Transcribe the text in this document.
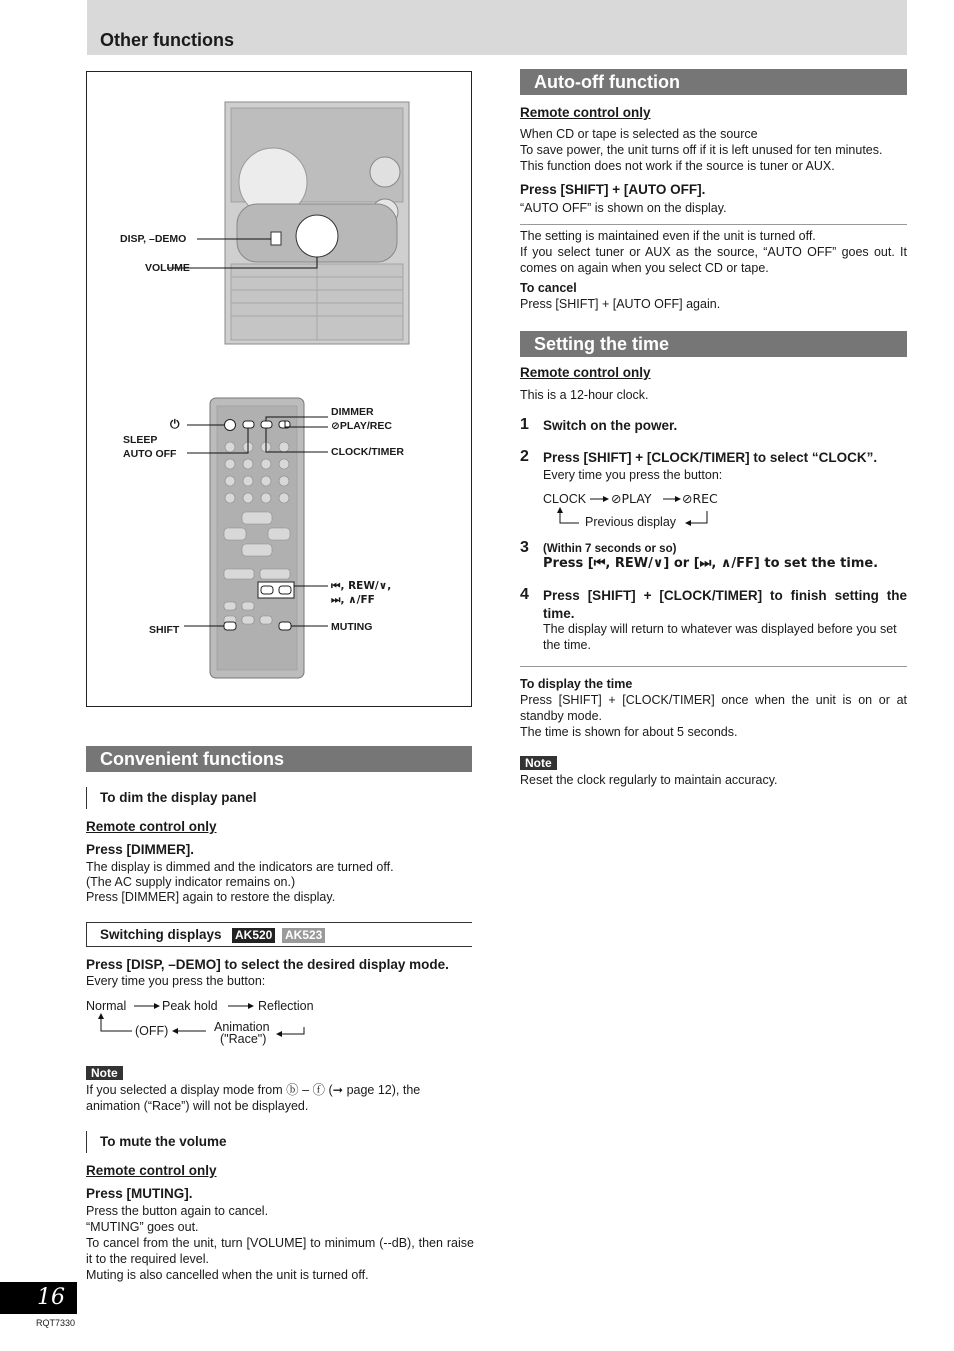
Other functions
DISP, –DEMO
VOLUME
⏻
SLEEP
AUTO OFF
DIMMER
⊘PLAY/REC
CLOCK/TIMER
⏮, REW/∨,
⏭, ∧/FF
SHIFT	MUTING
Convenient functions
To dim the display panel
Remote control only
Press [DIMMER].
The display is dimmed and the indicators are turned off.
(The AC supply indicator remains on.)
Press [DIMMER] again to restore the display.
Switching displays AK520 AK523
Press [DISP, –DEMO] to select the desired display mode.
Every time you press the button:
Normal	Peak hold	Reflection
(OFF)	Animation
("Race")
Note
If you selected a display mode from ⓑ – ⓕ (➞ page 12), the animation (“Race”) will not be displayed.
To mute the volume
Remote control only
Press [MUTING].
Press the button again to cancel.
“MUTING” goes out.
To cancel from the unit, turn [VOLUME] to minimum (--dB), then raise it to the required level.
Muting is also cancelled when the unit is turned off.
Auto-off function
Remote control only
When CD or tape is selected as the source
To save power, the unit turns off if it is left unused for ten minutes.
This function does not work if the source is tuner or AUX.
Press [SHIFT] + [AUTO OFF].
“AUTO OFF” is shown on the display.
The setting is maintained even if the unit is turned off.
If you select tuner or AUX as the source, “AUTO OFF” goes out. It comes on again when you select CD or tape.
To cancel
Press [SHIFT] + [AUTO OFF] again.
Setting the time
Remote control only
This is a 12-hour clock.
1 Switch on the power.
2 Press [SHIFT] + [CLOCK/TIMER] to select “CLOCK”.
Every time you press the button:
CLOCK ⊘PLAY ⊘REC
Previous display
3 (Within 7 seconds or so)
Press [⏮, REW/∨] or [⏭, ∧/FF] to set the time.
4 Press [SHIFT] + [CLOCK/TIMER] to finish setting the time.
The display will return to whatever was displayed before you set the time.
To display the time
Press [SHIFT] + [CLOCK/TIMER] once when the unit is on or at standby mode.
The time is shown for about 5 seconds.
Note
Reset the clock regularly to maintain accuracy.
16
RQT7330
